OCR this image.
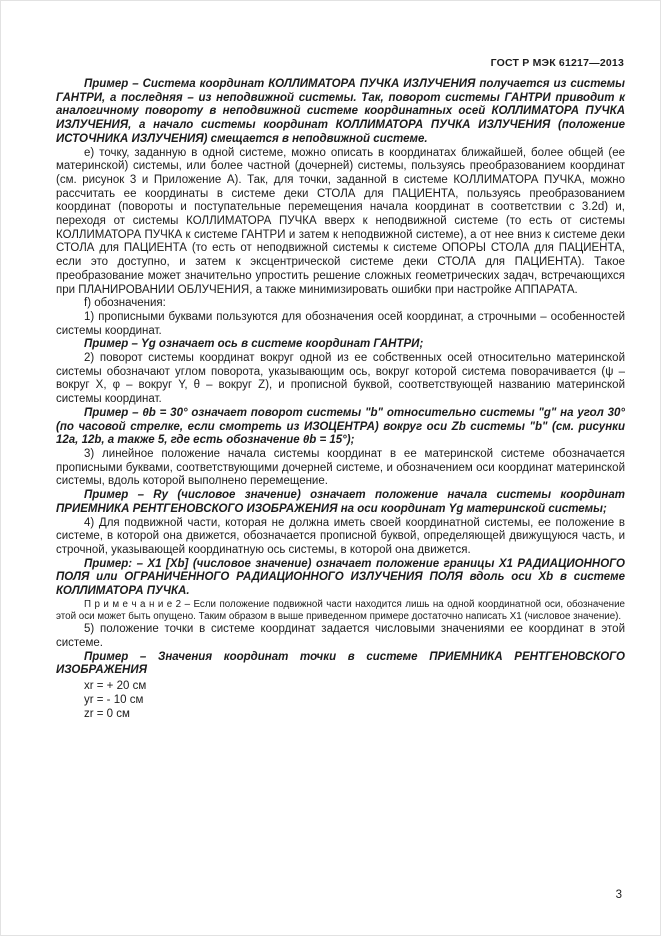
ГОСТ Р МЭК 61217—2013

Пример – Система координат КОЛЛИМАТОРА ПУЧКА ИЗЛУЧЕНИЯ получается из системы ГАНТРИ, а последняя – из неподвижной системы. Так, поворот системы ГАНТРИ приводит к аналогичному повороту в неподвижной системе координатных осей КОЛЛИМАТОРА ПУЧКА ИЗЛУЧЕНИЯ, а начало системы координат КОЛЛИМАТОРА ПУЧКА ИЗЛУЧЕНИЯ (положение ИСТОЧНИКА ИЗЛУЧЕНИЯ) смещается в неподвижной системе.

e) точку, заданную в одной системе, можно описать в координатах ближайшей, более общей (ее материнской) системы, или более частной (дочерней) системы, пользуясь преобразованием координат (см. рисунок 3 и Приложение А). Так, для точки, заданной в системе КОЛЛИМАТОРА ПУЧКА, можно рассчитать ее координаты в системе деки СТОЛА для ПАЦИЕНТА, пользуясь преобразованием координат (повороты и поступательные перемещения начала координат в соответствии с 3.2d) и, переходя от системы КОЛЛИМАТОРА ПУЧКА вверх к неподвижной системе (то есть от системы КОЛЛИМАТОРА ПУЧКА к системе ГАНТРИ и затем к неподвижной системе), а от нее вниз к системе деки СТОЛА для ПАЦИЕНТА (то есть от неподвижной системы к системе ОПОРЫ СТОЛА для ПАЦИЕНТА, если это доступно, и затем к эксцентрической системе деки СТОЛА для ПАЦИЕНТА). Такое преобразование может значительно упростить решение сложных геометрических задач, встречающихся при ПЛАНИРОВАНИИ ОБЛУЧЕНИЯ, а также минимизировать ошибки при настройке АППАРАТА.

f) обозначения:

1) прописными буквами пользуются для обозначения осей координат, а строчными – особенностей системы координат.

Пример – Yg означает ось в системе координат ГАНТРИ;

2) поворот системы координат вокруг одной из ее собственных осей относительно материнской системы обозначают углом поворота, указывающим ось, вокруг которой система поворачивается (ψ – вокруг X, φ – вокруг Y, θ – вокруг Z), и прописной буквой, соответствующей названию материнской системы координат.

Пример – θb = 30° означает поворот системы "b" относительно системы "g" на угол 30° (по часовой стрелке, если смотреть из ИЗОЦЕНТРА) вокруг оси Zb системы "b" (см. рисунки 12a, 12b, а также 5, где есть обозначение θb = 15°);

3) линейное положение начала системы координат в ее материнской системе обозначается прописными буквами, соответствующими дочерней системе, и обозначением оси координат материнской системы, вдоль которой выполнено перемещение.

Пример – Ry (числовое значение) означает положение начала системы координат ПРИЕМНИКА РЕНТГЕНОВСКОГО ИЗОБРАЖЕНИЯ на оси координат Yg материнской системы;

4) Для подвижной части, которая не должна иметь своей координатной системы, ее положение в системе, в которой она движется, обозначается прописной буквой, определяющей движущуюся часть, и строчной, указывающей координатную ось системы, в которой она движется.

Пример: – X1 [Xb] (числовое значение) означает положение границы X1 РАДИАЦИОННОГО ПОЛЯ или ОГРАНИЧЕННОГО РАДИАЦИОННОГО ИЗЛУЧЕНИЯ ПОЛЯ вдоль оси Xb в системе КОЛЛИМАТОРА ПУЧКА.

П р и м е ч а н и е 2 – Если положение подвижной части находится лишь на одной координатной оси, обозначение этой оси может быть опущено. Таким образом в выше приведенном примере достаточно написать X1 (числовое значение).

5) положение точки в системе координат задается числовыми значениями ее координат в этой системе.

Пример – Значения координат точки в системе ПРИЕМНИКА РЕНТГЕНОВСКОГО ИЗОБРАЖЕНИЯ

xr = + 20 см

yr = - 10 см

zr = 0 см

3
